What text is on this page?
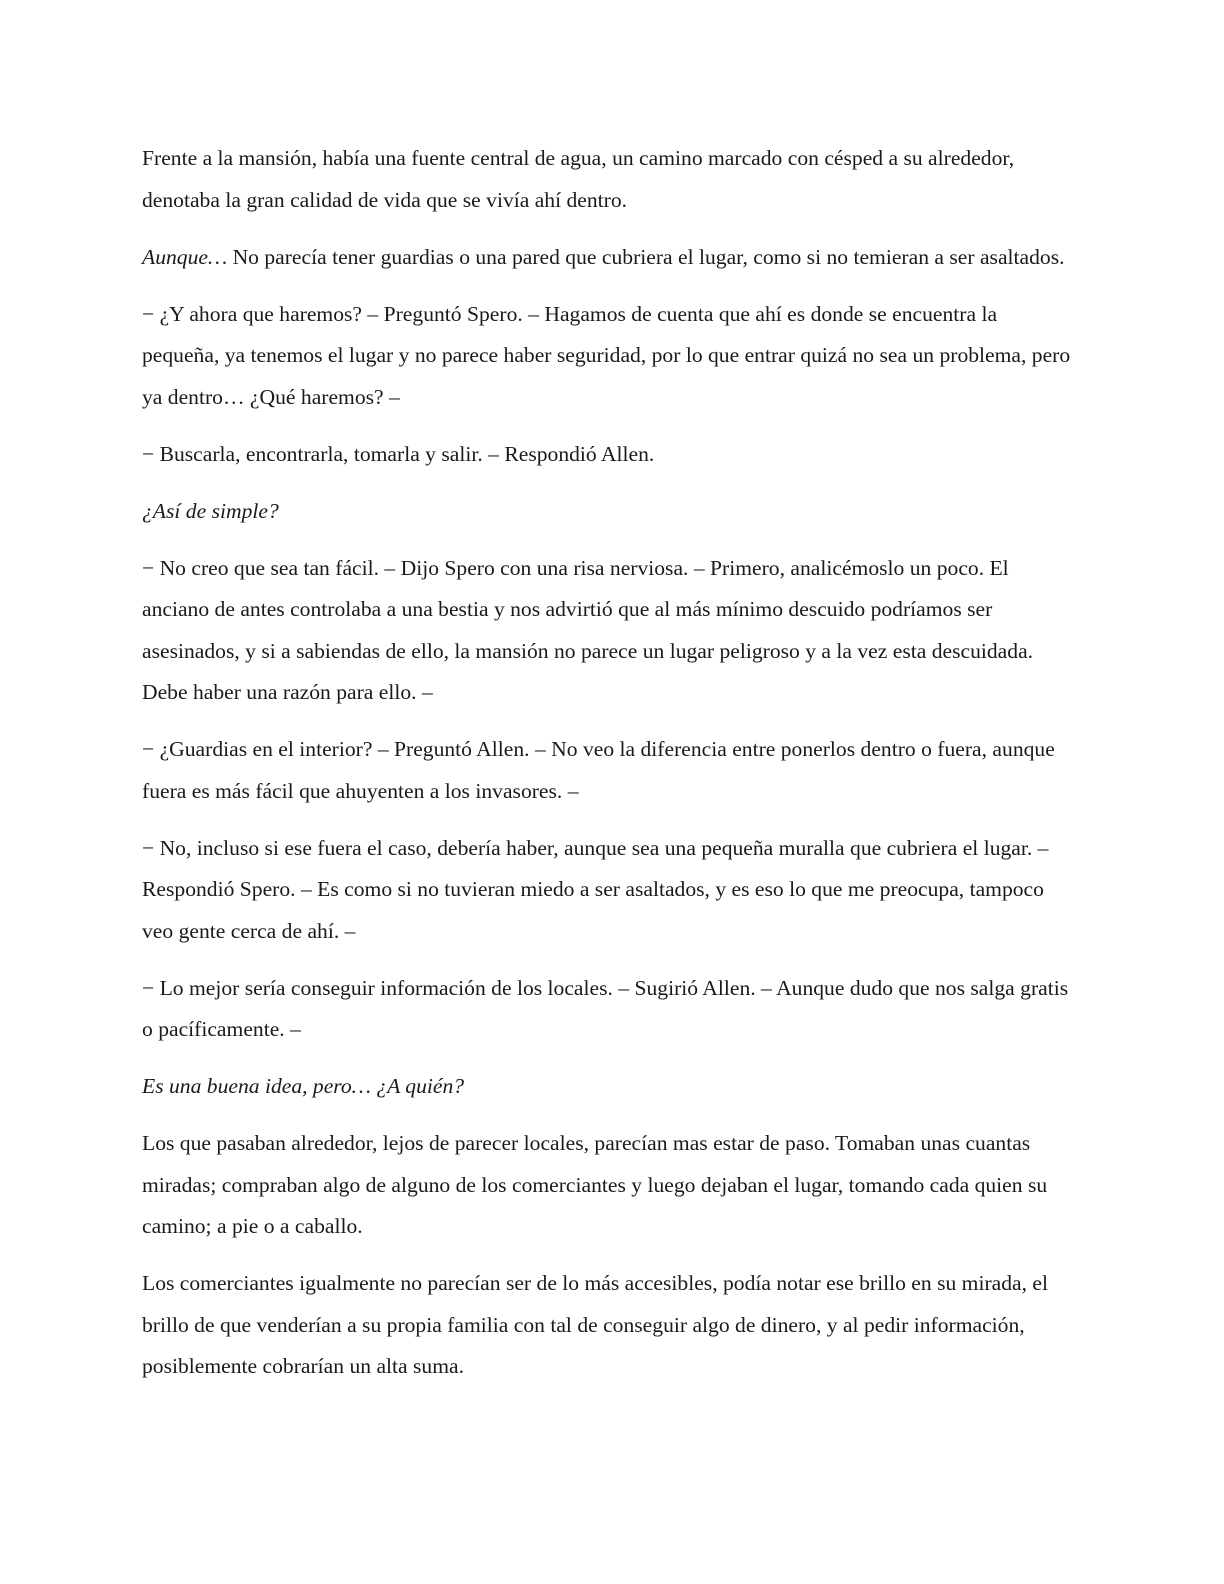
Frente a la mansión, había una fuente central de agua, un camino marcado con césped a su alrededor, denotaba la gran calidad de vida que se vivía ahí dentro.

Aunque… No parecía tener guardias o una pared que cubriera el lugar, como si no temieran a ser asaltados.

− ¿Y ahora que haremos? – Preguntó Spero. – Hagamos de cuenta que ahí es donde se encuentra la pequeña, ya tenemos el lugar y no parece haber seguridad, por lo que entrar quizá no sea un problema, pero ya dentro… ¿Qué haremos? –

− Buscarla, encontrarla, tomarla y salir. – Respondió Allen.

¿Así de simple?

− No creo que sea tan fácil. – Dijo Spero con una risa nerviosa. – Primero, analicémoslo un poco. El anciano de antes controlaba a una bestia y nos advirtió que al más mínimo descuido podríamos ser asesinados, y si a sabiendas de ello, la mansión no parece un lugar peligroso y a la vez esta descuidada. Debe haber una razón para ello. –

− ¿Guardias en el interior? – Preguntó Allen. – No veo la diferencia entre ponerlos dentro o fuera, aunque fuera es más fácil que ahuyenten a los invasores. –

− No, incluso si ese fuera el caso, debería haber, aunque sea una pequeña muralla que cubriera el lugar. – Respondió Spero. – Es como si no tuvieran miedo a ser asaltados, y es eso lo que me preocupa, tampoco veo gente cerca de ahí. –

− Lo mejor sería conseguir información de los locales. – Sugirió Allen. – Aunque dudo que nos salga gratis o pacíficamente. –

Es una buena idea, pero… ¿A quién?

Los que pasaban alrededor, lejos de parecer locales, parecían mas estar de paso. Tomaban unas cuantas miradas; compraban algo de alguno de los comerciantes y luego dejaban el lugar, tomando cada quien su camino; a pie o a caballo.

Los comerciantes igualmente no parecían ser de lo más accesibles, podía notar ese brillo en su mirada, el brillo de que venderían a su propia familia con tal de conseguir algo de dinero, y al pedir información, posiblemente cobrarían un alta suma.
